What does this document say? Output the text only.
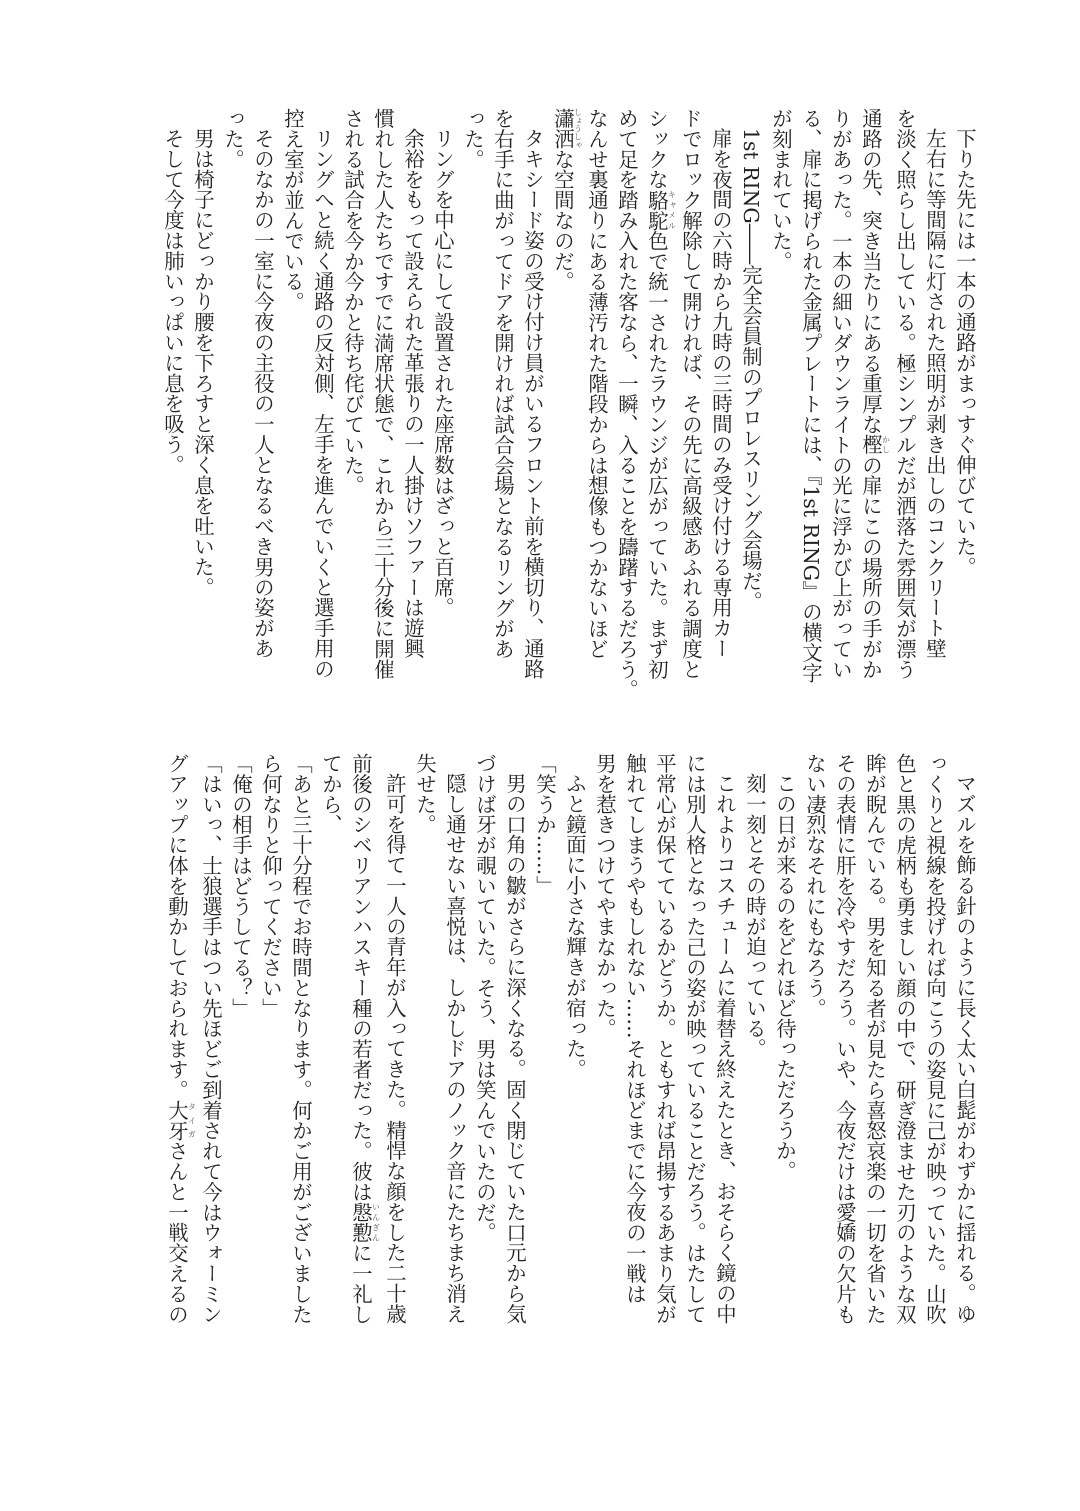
下りた先には一本の通路がまっすぐ伸びていた。
左右に等間隔に灯された照明が剥き出しのコンクリート壁
を淡く照らし出している。極シンプルだが洒落た雰囲気が漂う
通路の先、突き当たりにある重厚な樫かしの扉にこの場所の手がか
りがあった。一本の細いダウンライトの光に浮かび上がってい
る、扉に掲げられた金属プレートには、『1st RING』の横文字
が刻まれていた。
1st RING――完全会員制のプロレスリング会場だ。
扉を夜間の六時から九時の三時間のみ受け付ける専用カー
ドでロック解除して開ければ、その先に高級感あふれる調度と
シックな駱駝キャメル色で統一されたラウンジが広がっていた。まず初
めて足を踏み入れた客なら、一瞬、入ることを躊躇するだろう。
なんせ裏通りにある薄汚れた階段からは想像もつかないほど
瀟洒しょうしゃな空間なのだ。
タキシード姿の受け付け員がいるフロント前を横切り、通路
を右手に曲がってドアを開ければ試合会場となるリングがあ
った。
リングを中心にして設置された座席数はざっと百席。
余裕をもって設えられた革張りの一人掛けソファーは遊興
慣れした人たちですでに満席状態で、これから三十分後に開催
される試合を今か今かと待ち侘びていた。
リングへと続く通路の反対側、左手を進んでいくと選手用の
控え室が並んでいる。
そのなかの一室に今夜の主役の一人となるべき男の姿があ
った。
男は椅子にどっかり腰を下ろすと深く息を吐いた。
そして今度は肺いっぱいに息を吸う。
マズルを飾る針のように長く太い白髭がわずかに揺れる。ゆ
っくりと視線を投げれば向こうの姿見に己が映っていた。山吹
色と黒の虎柄も勇ましい顔の中で、研ぎ澄ませた刃のような双
眸が睨んでいる。男を知る者が見たら喜怒哀楽の一切を省いた
その表情に肝を冷やすだろう。いや、今夜だけは愛嬌の欠片も
ない凄烈なそれにもなろう。
この日が来るのをどれほど待っただろうか。
刻一刻とその時が迫っている。
これよりコスチュームに着替え終えたとき、おそらく鏡の中
には別人格となった己の姿が映っていることだろう。はたして
平常心が保てているかどうか。ともすれば昂揚するあまり気が
触れてしまうやもしれない……それほどまでに今夜の一戦は
男を惹きつけてやまなかった。
ふと鏡面に小さな輝きが宿った。
「笑うか……」
男の口角の皺がさらに深くなる。固く閉じていた口元から気
づけば牙が覗いていた。そう、男は笑んでいたのだ。
隠し通せない喜悦は、しかしドアのノック音にたちまち消え
失せた。
許可を得て一人の青年が入ってきた。精悍な顔をした二十歳
前後のシベリアンハスキー種の若者だった。彼は慇懃いんぎんに一礼し
てから、
「あと三十分程でお時間となります。何かご用がございました
ら何なりと仰ってください」
「俺の相手はどうしてる？」
「はいっ、士狼選手はつい先ほどご到着されて今はウォーミン
グアップに体を動かしておられます。大牙タイガさんと一戦交えるの
